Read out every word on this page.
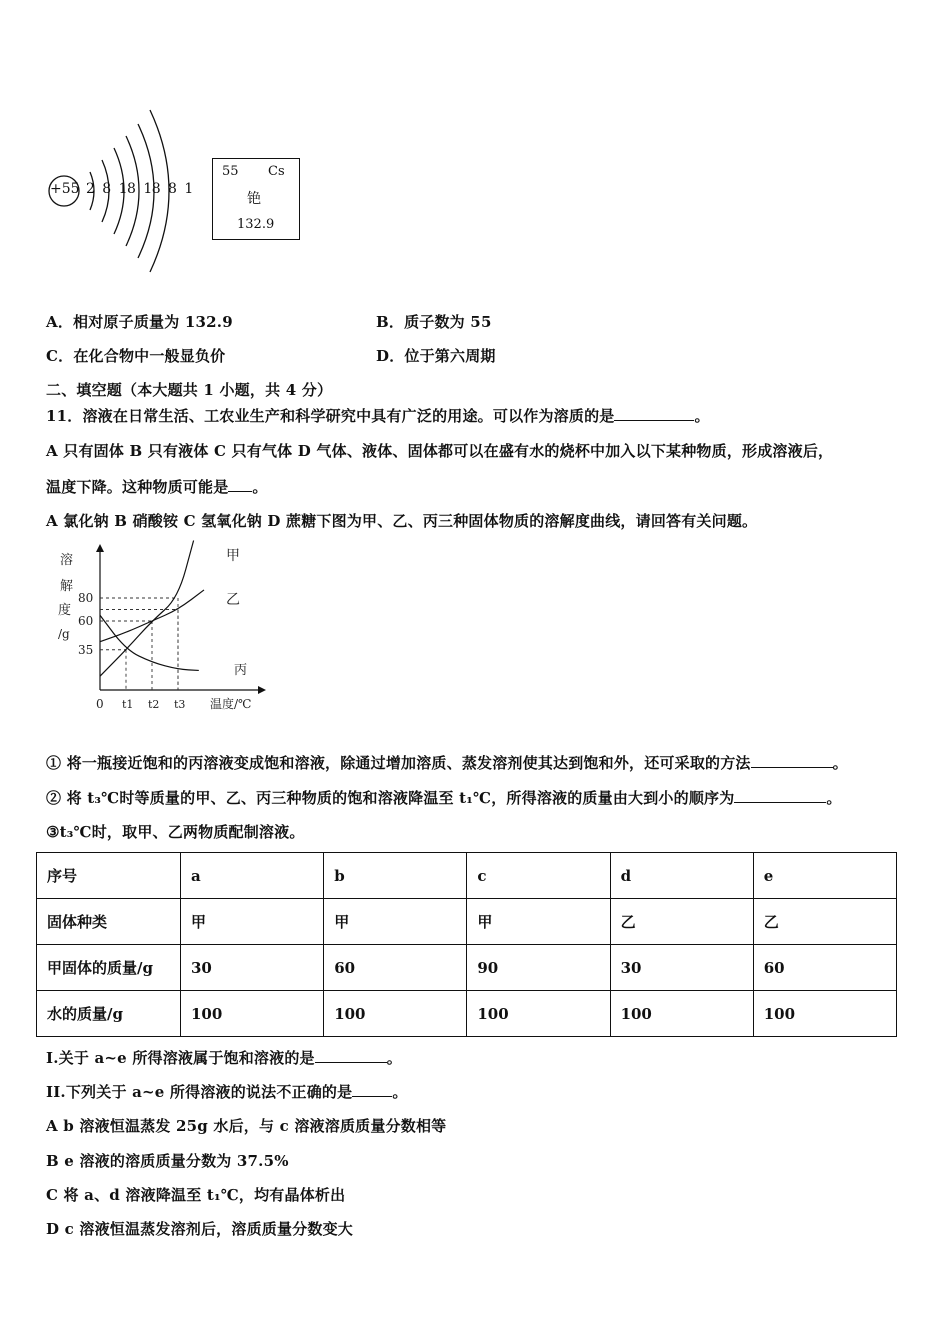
+55 2  8  18  18  8  1
55 Cs
铯
132.9
A．相对原子质量为 132.9	B．质子数为 55
C．在化合物中一般显负价	D．位于第六周期
二、填空题（本大题共 1 小题，共 4 分）
11．溶液在日常生活、工农业生产和科学研究中具有广泛的用途。可以作为溶质的是	。
A 只有固体 B 只有液体 C 只有气体 D 气体、液体、固体都可以在盛有水的烧杯中加入以下某种物质，形成溶液后，
温度下降。这种物质可能是 。
A 氯化钠 B 硝酸铵 C 氢氧化钠 D 蔗糖下图为甲、乙、丙三种固体物质的溶解度曲线，请回答有关问题。
80
60
35
0 t1 t2 t3
溶
解
度
/g
温度/℃
甲
乙
丙
① 将一瓶接近饱和的丙溶液变成饱和溶液，除通过增加溶质、蒸发溶剂使其达到饱和外，还可采取的方法	。
② 将 t₃℃时等质量的甲、乙、丙三种物质的饱和溶液降温至 t₁℃，所得溶液的质量由大到小的顺序为	。
③t₃℃时，取甲、乙两物质配制溶液。
序号	a	b	c	d	e
固体种类	甲	甲	甲	乙	乙
甲固体的质量/g	30	60	90	30	60
水的质量/g	100	100	100	100	100
I.关于 a~e 所得溶液属于饱和溶液的是	。
II.下列关于 a~e 所得溶液的说法不正确的是	。
A b 溶液恒温蒸发 25g 水后，与 c 溶液溶质质量分数相等
B e 溶液的溶质质量分数为 37.5%
C 将 a、d 溶液降温至 t₁℃，均有晶体析出
D c 溶液恒温蒸发溶剂后，溶质质量分数变大
